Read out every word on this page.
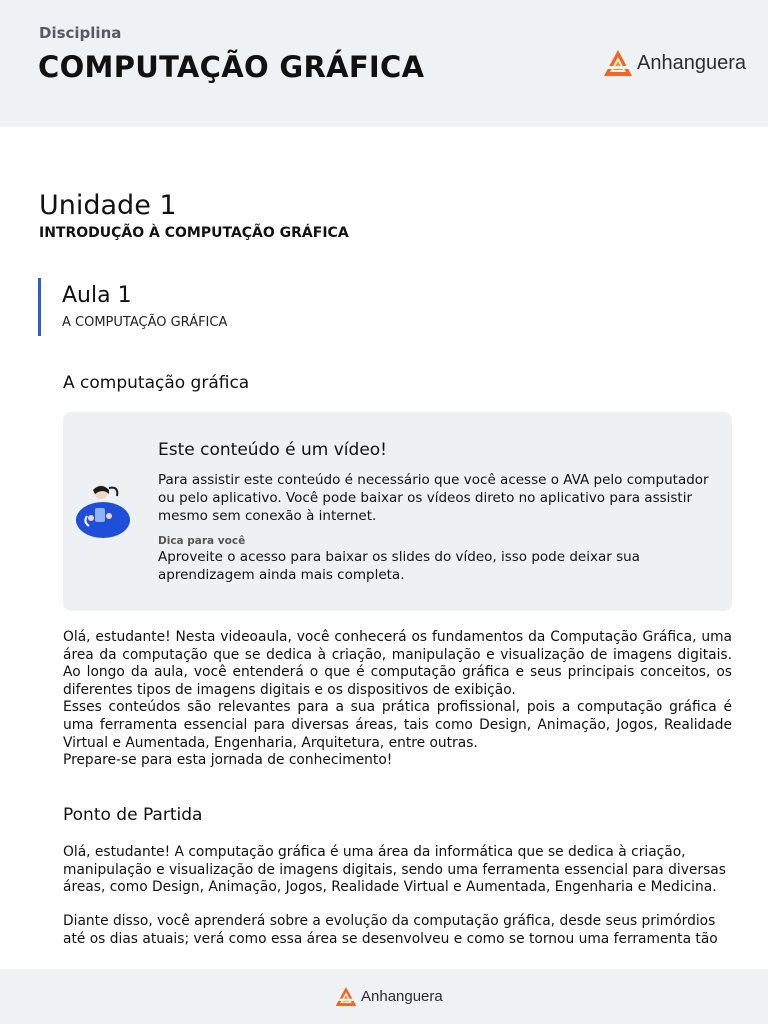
Disciplina
COMPUTAÇÃO GRÁFICA	Anhanguera
Unidade 1
INTRODUÇÃO À COMPUTAÇÃO GRÁFICA
Aula 1
A COMPUTAÇÃO GRÁFICA
A computação gráfica
Este conteúdo é um vídeo!

Para assistir este conteúdo é necessário que você acesse o AVA pelo computador ou pelo aplicativo. Você pode baixar os vídeos direto no aplicativo para assistir mesmo sem conexão à internet.

Dica para você

Aproveite o acesso para baixar os slides do vídeo, isso pode deixar sua aprendizagem ainda mais completa.

Olá, estudante! Nesta videoaula, você conhecerá os fundamentos da Computação Gráfica, uma área da computação que se dedica à criação, manipulação e visualização de imagens digitais. Ao longo da aula, você entenderá o que é computação gráfica e seus principais conceitos, os diferentes tipos de imagens digitais e os dispositivos de exibição.

Esses conteúdos são relevantes para a sua prática profissional, pois a computação gráfica é uma ferramenta essencial para diversas áreas, tais como Design, Animação, Jogos, Realidade Virtual e Aumentada, Engenharia, Arquitetura, entre outras.

Prepare-se para esta jornada de conhecimento!

Ponto de Partida

Olá, estudante! A computação gráfica é uma área da informática que se dedica à criação, manipulação e visualização de imagens digitais, sendo uma ferramenta essencial para diversas áreas, como Design, Animação, Jogos, Realidade Virtual e Aumentada, Engenharia e Medicina.

Diante disso, você aprenderá sobre a evolução da computação gráfica, desde seus primórdios até os dias atuais; verá como essa área se desenvolveu e como se tornou uma ferramenta tão

Anhanguera
